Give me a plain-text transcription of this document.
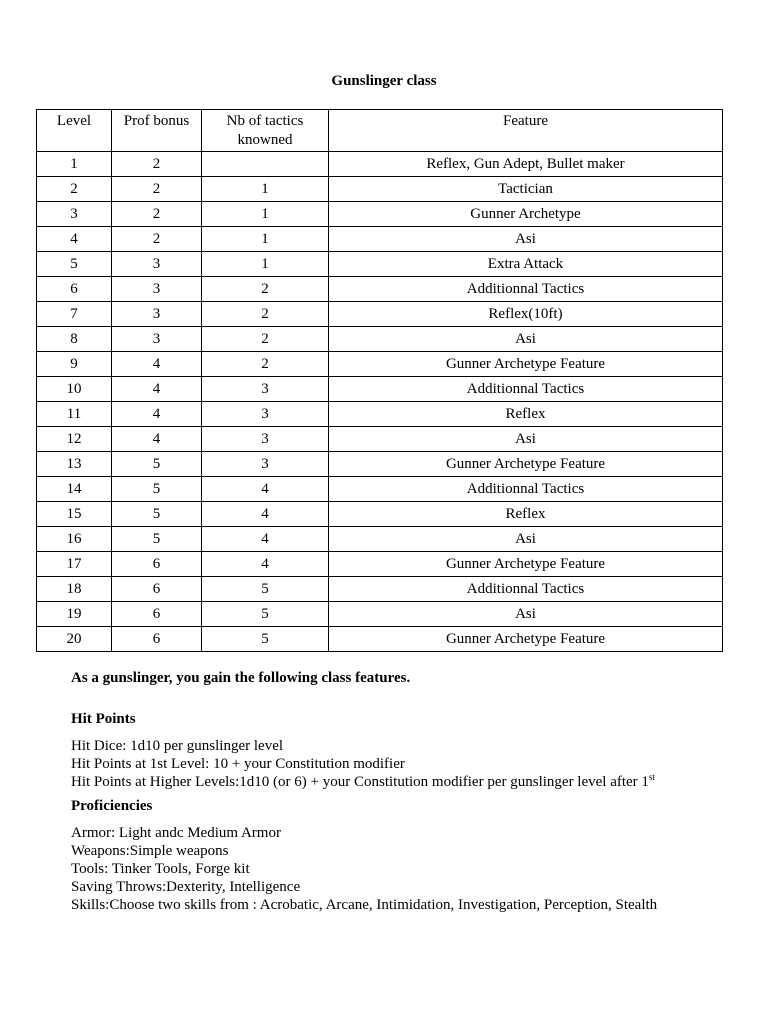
Gunslinger class
Level	Prof bonus	Nb of tactics knowned	Feature
1	2		Reflex, Gun Adept, Bullet maker
2	2	1	Tactician
3	2	1	Gunner Archetype
4	2	1	Asi
5	3	1	Extra Attack
6	3	2	Additionnal Tactics
7	3	2	Reflex(10ft)
8	3	2	Asi
9	4	2	Gunner Archetype Feature
10	4	3	Additionnal Tactics
11	4	3	Reflex
12	4	3	Asi
13	5	3	Gunner Archetype Feature
14	5	4	Additionnal Tactics
15	5	4	Reflex
16	5	4	Asi
17	6	4	Gunner Archetype Feature
18	6	5	Additionnal Tactics
19	6	5	Asi
20	6	5	Gunner Archetype Feature
As a gunslinger, you gain the following class features.
Hit Points
Hit Dice: 1d10 per gunslinger level
Hit Points at 1st Level: 10 + your Constitution modifier
Hit Points at Higher Levels:1d10 (or 6) + your Constitution modifier per gunslinger level after 1st
Proficiencies
Armor: Light andc Medium Armor
Weapons:Simple weapons
Tools: Tinker Tools, Forge kit
Saving Throws:Dexterity, Intelligence
Skills:Choose two skills from : Acrobatic, Arcane, Intimidation, Investigation, Perception, Stealth
